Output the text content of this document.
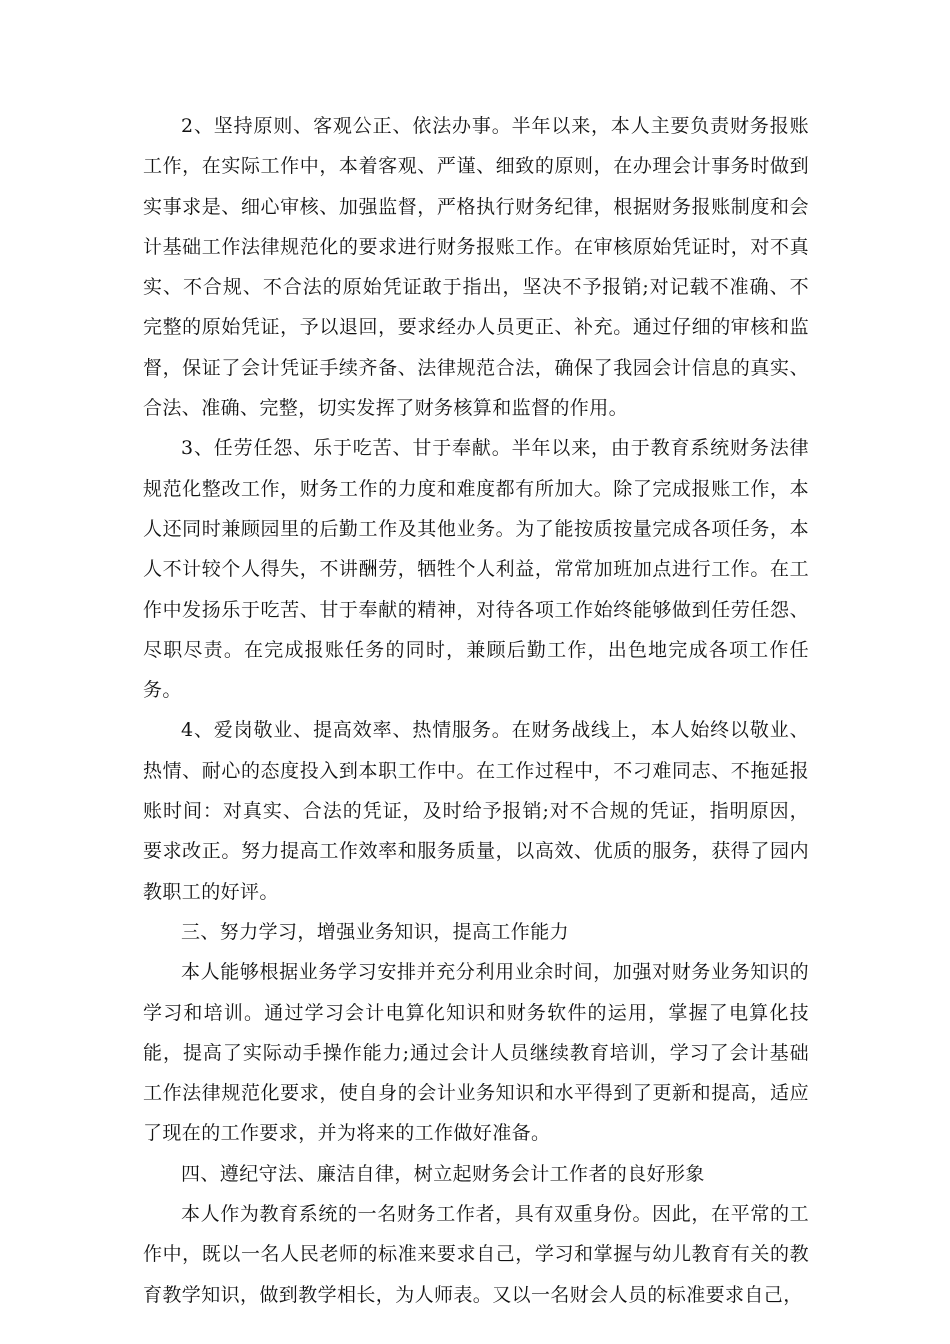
2、坚持原则、客观公正、依法办事。半年以来，本人主要负责财务报账工作，在实际工作中，本着客观、严谨、细致的原则，在办理会计事务时做到实事求是、细心审核、加强监督，严格执行财务纪律，根据财务报账制度和会计基础工作法律规范化的要求进行财务报账工作。在审核原始凭证时，对不真实、不合规、不合法的原始凭证敢于指出，坚决不予报销;对记载不准确、不完整的原始凭证，予以退回，要求经办人员更正、补充。通过仔细的审核和监督，保证了会计凭证手续齐备、法律规范合法，确保了我园会计信息的真实、合法、准确、完整，切实发挥了财务核算和监督的作用。

3、任劳任怨、乐于吃苦、甘于奉献。半年以来，由于教育系统财务法律规范化整改工作，财务工作的力度和难度都有所加大。除了完成报账工作，本人还同时兼顾园里的后勤工作及其他业务。为了能按质按量完成各项任务，本人不计较个人得失，不讲酬劳，牺牲个人利益，常常加班加点进行工作。在工作中发扬乐于吃苦、甘于奉献的精神，对待各项工作始终能够做到任劳任怨、尽职尽责。在完成报账任务的同时，兼顾后勤工作，出色地完成各项工作任务。

4、爱岗敬业、提高效率、热情服务。在财务战线上，本人始终以敬业、热情、耐心的态度投入到本职工作中。在工作过程中，不刁难同志、不拖延报账时间：对真实、合法的凭证，及时给予报销;对不合规的凭证，指明原因，要求改正。努力提高工作效率和服务质量，以高效、优质的服务，获得了园内教职工的好评。

三、努力学习，增强业务知识，提高工作能力

本人能够根据业务学习安排并充分利用业余时间，加强对财务业务知识的学习和培训。通过学习会计电算化知识和财务软件的运用，掌握了电算化技能，提高了实际动手操作能力;通过会计人员继续教育培训，学习了会计基础工作法律规范化要求，使自身的会计业务知识和水平得到了更新和提高，适应了现在的工作要求，并为将来的工作做好准备。

四、遵纪守法、廉洁自律，树立起财务会计工作者的良好形象

本人作为教育系统的一名财务工作者，具有双重身份。因此，在平常的工作中，既以一名人民老师的标准来要求自己，学习和掌握与幼儿教育有关的教育教学知识，做到教学相长，为人师表。又以一名财会人员的标准要求自己，
